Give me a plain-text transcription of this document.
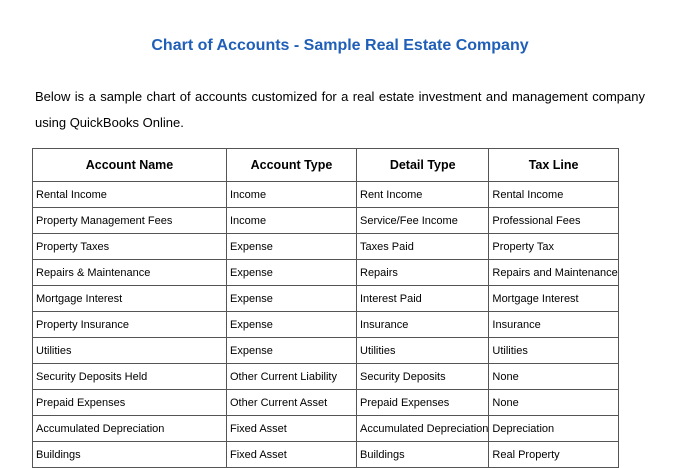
Chart of Accounts - Sample Real Estate Company
Below is a sample chart of accounts customized for a real estate investment and management company using QuickBooks Online.
Account Name	Account Type	Detail Type	Tax Line
Rental Income	Income	Rent Income	Rental Income
Property Management Fees	Income	Service/Fee Income	Professional Fees
Property Taxes	Expense	Taxes Paid	Property Tax
Repairs & Maintenance	Expense	Repairs	Repairs and Maintenance
Mortgage Interest	Expense	Interest Paid	Mortgage Interest
Property Insurance	Expense	Insurance	Insurance
Utilities	Expense	Utilities	Utilities
Security Deposits Held	Other Current Liability	Security Deposits	None
Prepaid Expenses	Other Current Asset	Prepaid Expenses	None
Accumulated Depreciation	Fixed Asset	Accumulated Depreciation	Depreciation
Buildings	Fixed Asset	Buildings	Real Property
